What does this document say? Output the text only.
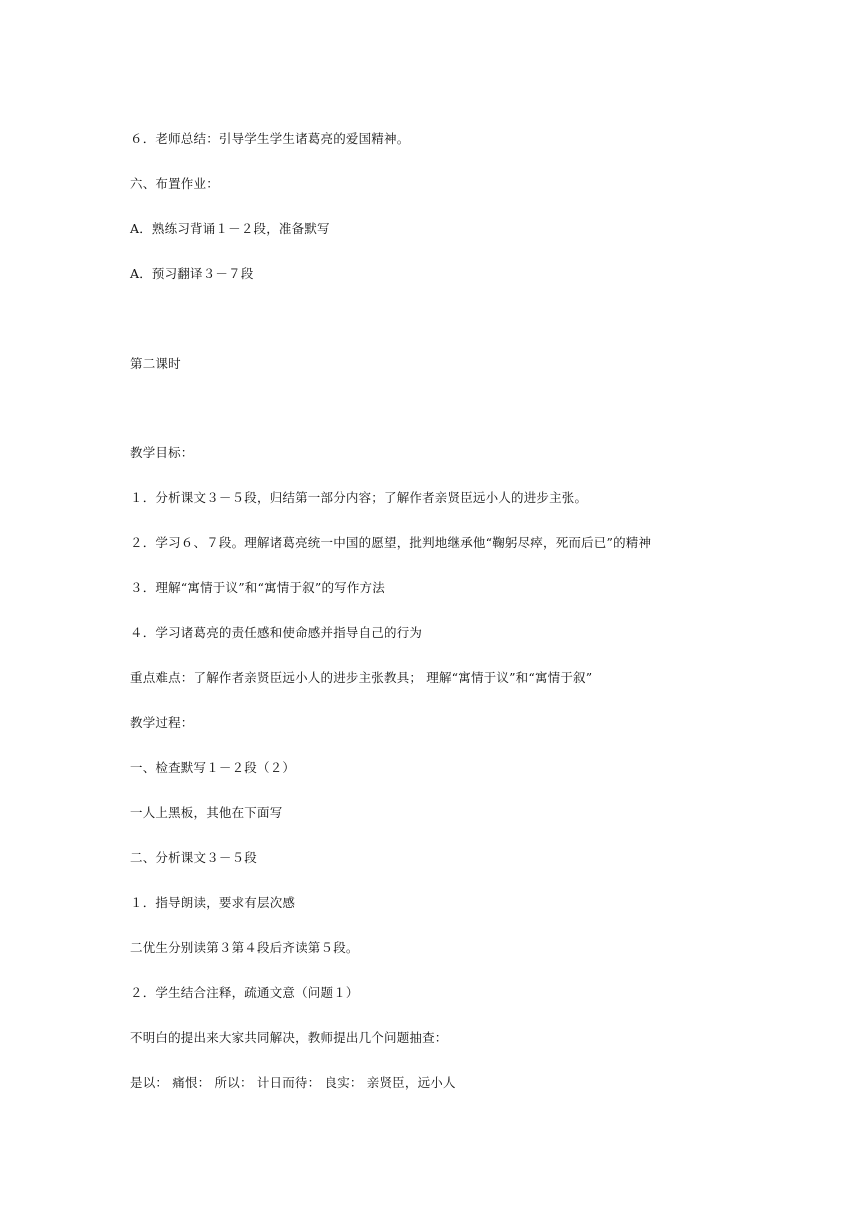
６．老师总结：引导学生学生诸葛亮的爱国精神。
六、布置作业：
A．熟练习背诵１－２段，准备默写
A．预习翻译３－７段
第二课时
教学目标：
１．分析课文３－５段，归结第一部分内容；了解作者亲贤臣远小人的进步主张。
２．学习６、７段。理解诸葛亮统一中国的愿望，批判地继承他“鞠躬尽瘁，死而后已”的精神
３．理解“寓情于议”和“寓情于叙”的写作方法
４．学习诸葛亮的责任感和使命感并指导自己的行为
重点难点：了解作者亲贤臣远小人的进步主张教具； 理解“寓情于议”和“寓情于叙”
教学过程：
一、检查默写１－２段（２）
一人上黑板，其他在下面写
二、分析课文３－５段
１．指导朗读，要求有层次感
二优生分别读第３第４段后齐读第５段。
２．学生结合注释，疏通文意（问题１）
不明白的提出来大家共同解决，教师提出几个问题抽查：
是以： 痛恨： 所以： 计日而待： 良实： 亲贤臣，远小人
